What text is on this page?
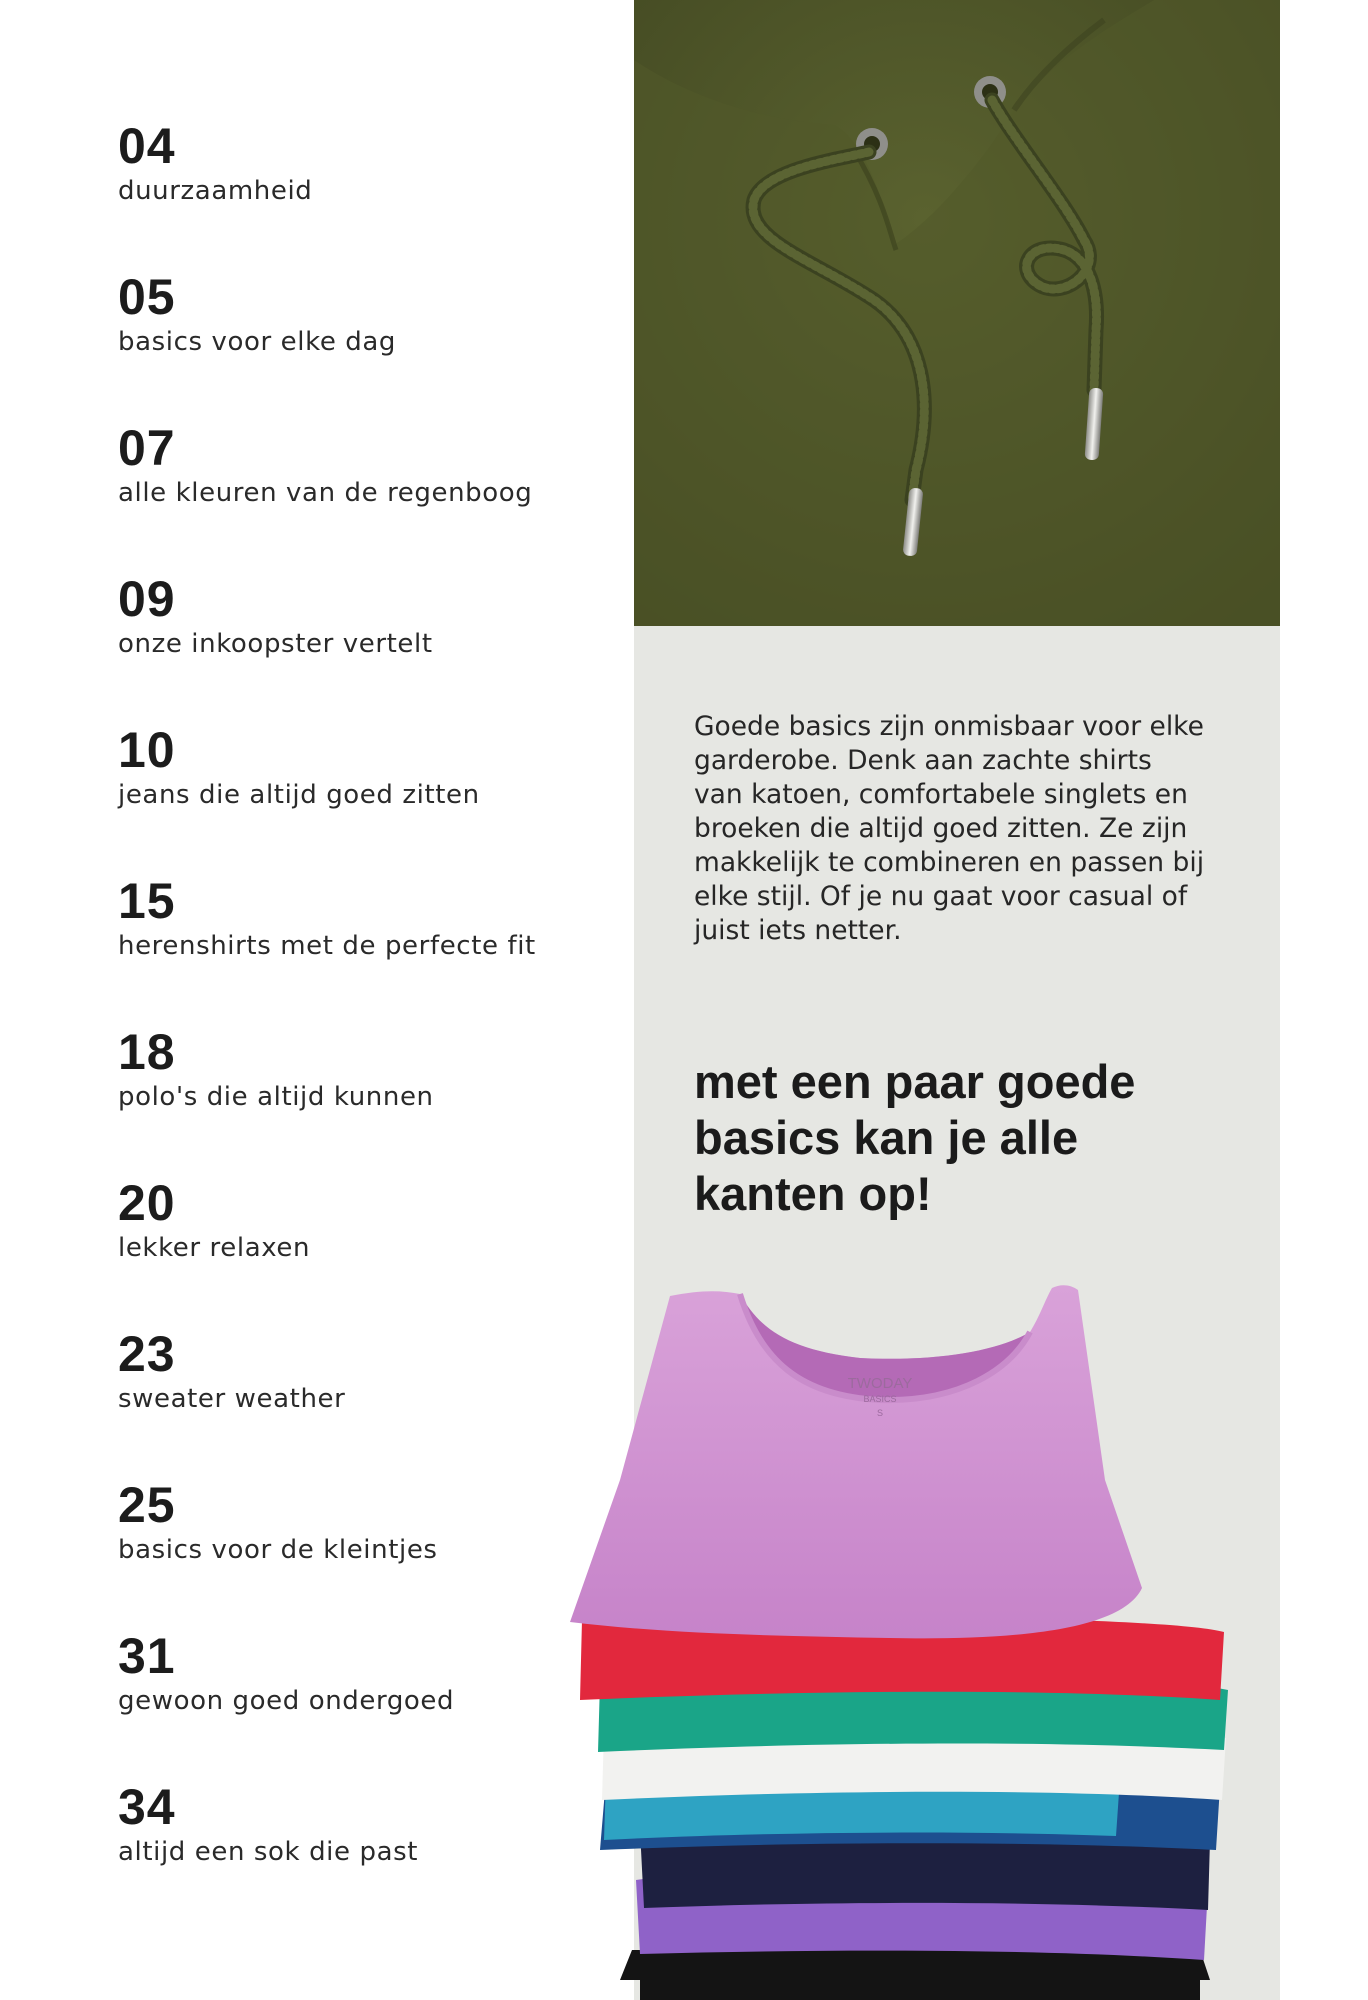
04
duurzaamheid
05
basics voor elke dag
07
alle kleuren van de regenboog
09
onze inkoopster vertelt
10
jeans die altijd goed zitten
15
herenshirts met de perfecte fit
18
polo's die altijd kunnen
20
lekker relaxen
23
sweater weather
25
basics voor de kleintjes
31
gewoon goed ondergoed
34
altijd een sok die past
Goede basics zijn onmisbaar voor elke
garderobe. Denk aan zachte shirts
van katoen, comfortabele singlets en
broeken die altijd goed zitten. Ze zijn
makkelijk te combineren en passen bij
elke stijl. Of je nu gaat voor casual of
juist iets netter.
met een paar goede
basics kan je alle
kanten op!
TWODAY
BASICS
S
